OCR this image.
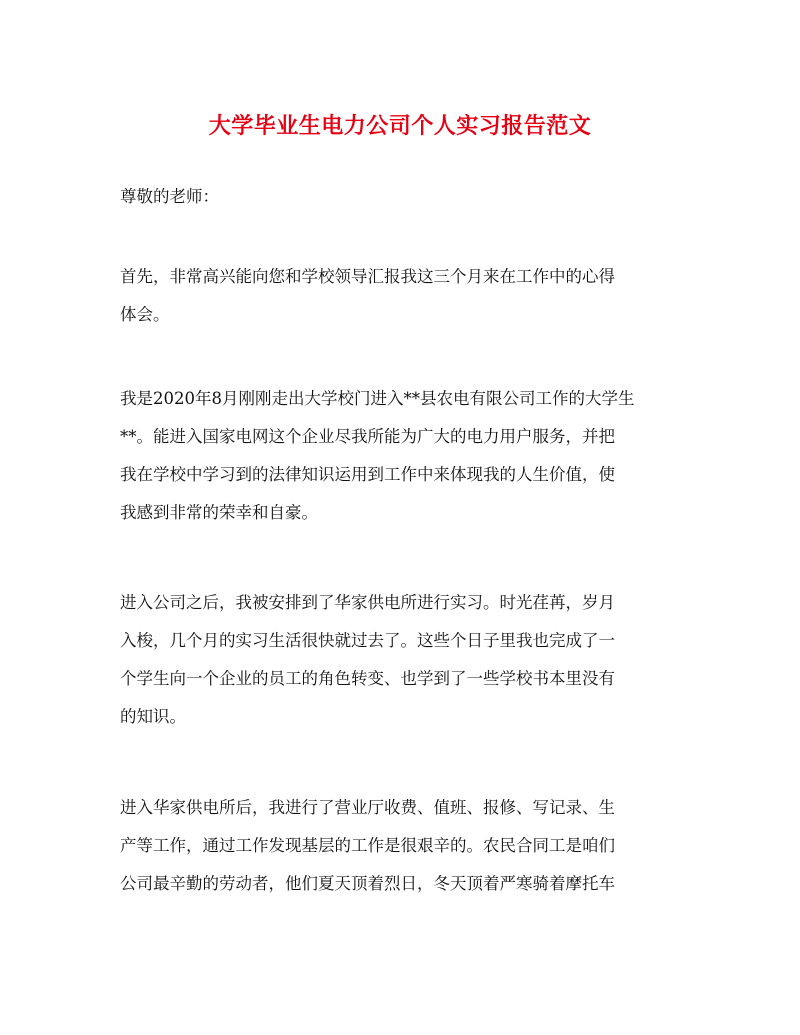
大学毕业生电力公司个人实习报告范文

尊敬的老师：

首先，非常高兴能向您和学校领导汇报我这三个月来在工作中的心得
体会。
我是2020年8月刚刚走出大学校门进入**县农电有限公司工作的大学生
**。能进入国家电网这个企业尽我所能为广大的电力用户服务，并把
我在学校中学习到的法律知识运用到工作中来体现我的人生价值，使
我感到非常的荣幸和自豪。
进入公司之后，我被安排到了华家供电所进行实习。时光荏苒，岁月
入梭，几个月的实习生活很快就过去了。这些个日子里我也完成了一
个学生向一个企业的员工的角色转变、也学到了一些学校书本里没有
的知识。
进入华家供电所后，我进行了营业厅收费、值班、报修、写记录、生
产等工作，通过工作发现基层的工作是很艰辛的。农民合同工是咱们
公司最辛勤的劳动者，他们夏天顶着烈日，冬天顶着严寒骑着摩托车
